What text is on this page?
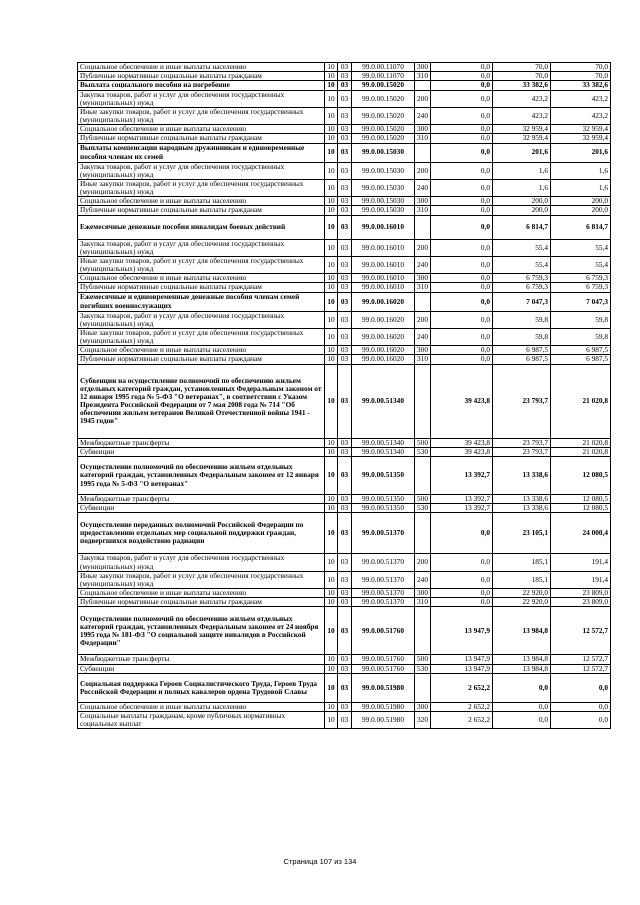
Социальное обеспечение и иные выплаты населению	10	03	99.0.00.11070	300	0,0	70,0	70,0
Публичные нормативные социальные выплаты гражданам	10	03	99.0.00.11070	310	0,0	70,0	70,0
Выплата социального пособия на погребение	10	03	99.0.00.15020		0,0	33 382,6	33 382,6
Закупка товаров, работ и услуг для обеспечения государственных (муниципальных) нужд	10	03	99.0.00.15020	200	0,0	423,2	423,2
Иные закупки товаров, работ и услуг для обеспечения государственных (муниципальных) нужд	10	03	99.0.00.15020	240	0,0	423,2	423,2
Социальное обеспечение и иные выплаты населению	10	03	99.0.00.15020	300	0,0	32 959,4	32 959,4
Публичные нормативные социальные выплаты гражданам	10	03	99.0.00.15020	310	0,0	32 959,4	32 959,4
Выплаты компенсации народным дружинникам и единовременные пособия членам их семей	10	03	99.0.00.15030		0,0	201,6	201,6
Закупка товаров, работ и услуг для обеспечения государственных (муниципальных) нужд	10	03	99.0.00.15030	200	0,0	1,6	1,6
Иные закупки товаров, работ и услуг для обеспечения государственных (муниципальных) нужд	10	03	99.0.00.15030	240	0,0	1,6	1,6
Социальное обеспечение и иные выплаты населению	10	03	99.0.00.15030	300	0,0	200,0	200,0
Публичные нормативные социальные выплаты гражданам	10	03	99.0.00.15030	310	0,0	200,0	200,0
Ежемесячные денежные пособия инвалидам боевых действий	10	03	99.0.00.16010		0,0	6 814,7	6 814,7
Закупка товаров, работ и услуг для обеспечения государственных (муниципальных) нужд	10	03	99.0.00.16010	200	0,0	55,4	55,4
Иные закупки товаров, работ и услуг для обеспечения государственных (муниципальных) нужд	10	03	99.0.00.16010	240	0,0	55,4	55,4
Социальное обеспечение и иные выплаты населению	10	03	99.0.00.16010	300	0,0	6 759,3	6 759,3
Публичные нормативные социальные выплаты гражданам	10	03	99.0.00.16010	310	0,0	6 759,3	6 759,3
Ежемесячные и единовременные денежные пособия членам семей погибших военнослужащих	10	03	99.0.00.16020		0,0	7 047,3	7 047,3
Закупка товаров, работ и услуг для обеспечения государственных (муниципальных) нужд	10	03	99.0.00.16020	200	0,0	59,8	59,8
Иные закупки товаров, работ и услуг для обеспечения государственных (муниципальных) нужд	10	03	99.0.00.16020	240	0,0	59,8	59,8
Социальное обеспечение и иные выплаты населению	10	03	99.0.00.16020	300	0,0	6 987,5	6 987,5
Публичные нормативные социальные выплаты гражданам	10	03	99.0.00.16020	310	0,0	6 987,5	6 987,5
Субвенции на осуществление полномочий по обеспечению жильем отдельных категорий граждан, установленных Федеральным законом от 12 января 1995 года № 5-ФЗ "О ветеранах", в соответствии с Указом Президента Российской Федерации от 7 мая 2008 года № 714 "Об обеспечении жильем ветеранов Великой Отечественной войны 1941 - 1945 годов"	10	03	99.0.00.51340		39 423,8	23 793,7	21 020,8
Межбюджетные трансферты	10	03	99.0.00.51340	500	39 423,8	23 793,7	21 020,8
Субвенции	10	03	99.0.00.51340	530	39 423,8	23 793,7	21 020,8
Осуществление полномочий по обеспечению жильем отдельных категорий граждан, установленных Федеральным законом от 12 января 1995 года № 5-ФЗ "О ветеранах"	10	03	99.0.00.51350		13 392,7	13 338,6	12 080,5
Межбюджетные трансферты	10	03	99.0.00.51350	500	13 392,7	13 338,6	12 080,5
Субвенции	10	03	99.0.00.51350	530	13 392,7	13 338,6	12 080,5
Осуществление переданных полномочий Российской Федерации по предоставлению отдельных мер социальной поддержки граждан, подвергшихся воздействию радиации	10	03	99.0.00.51370		0,0	23 105,1	24 000,4
Закупка товаров, работ и услуг для обеспечения государственных (муниципальных) нужд	10	03	99.0.00.51370	200	0,0	185,1	191,4
Иные закупки товаров, работ и услуг для обеспечения государственных (муниципальных) нужд	10	03	99.0.00.51370	240	0,0	185,1	191,4
Социальное обеспечение и иные выплаты населению	10	03	99.0.00.51370	300	0,0	22 920,0	23 809,0
Публичные нормативные социальные выплаты гражданам	10	03	99.0.00.51370	310	0,0	22 920,0	23 809,0
Осуществление полномочий по обеспечению жильем отдельных категорий граждан, установленных Федеральным законом от 24 ноября 1995 года № 181-ФЗ "О социальной защите инвалидов в Российской Федерации"	10	03	99.0.00.51760		13 947,9	13 984,8	12 572,7
Межбюджетные трансферты	10	03	99.0.00.51760	500	13 947,9	13 984,8	12 572,7
Субвенции	10	03	99.0.00.51760	530	13 947,9	13 984,8	12 572,7
Социальная поддержка Героев Социалистического Труда, Героев Труда Российской Федерации и полных кавалеров ордена Трудовой Славы	10	03	99.0.00.51980		2 652,2	0,0	0,0
Социальное обеспечение и иные выплаты населению	10	03	99.0.00.51980	300	2 652,2	0,0	0,0
Социальные выплаты гражданам, кроме публичных нормативных социальных выплат	10	03	99.0.00.51980	320	2 652,2	0,0	0,0
Страница 107 из 134
